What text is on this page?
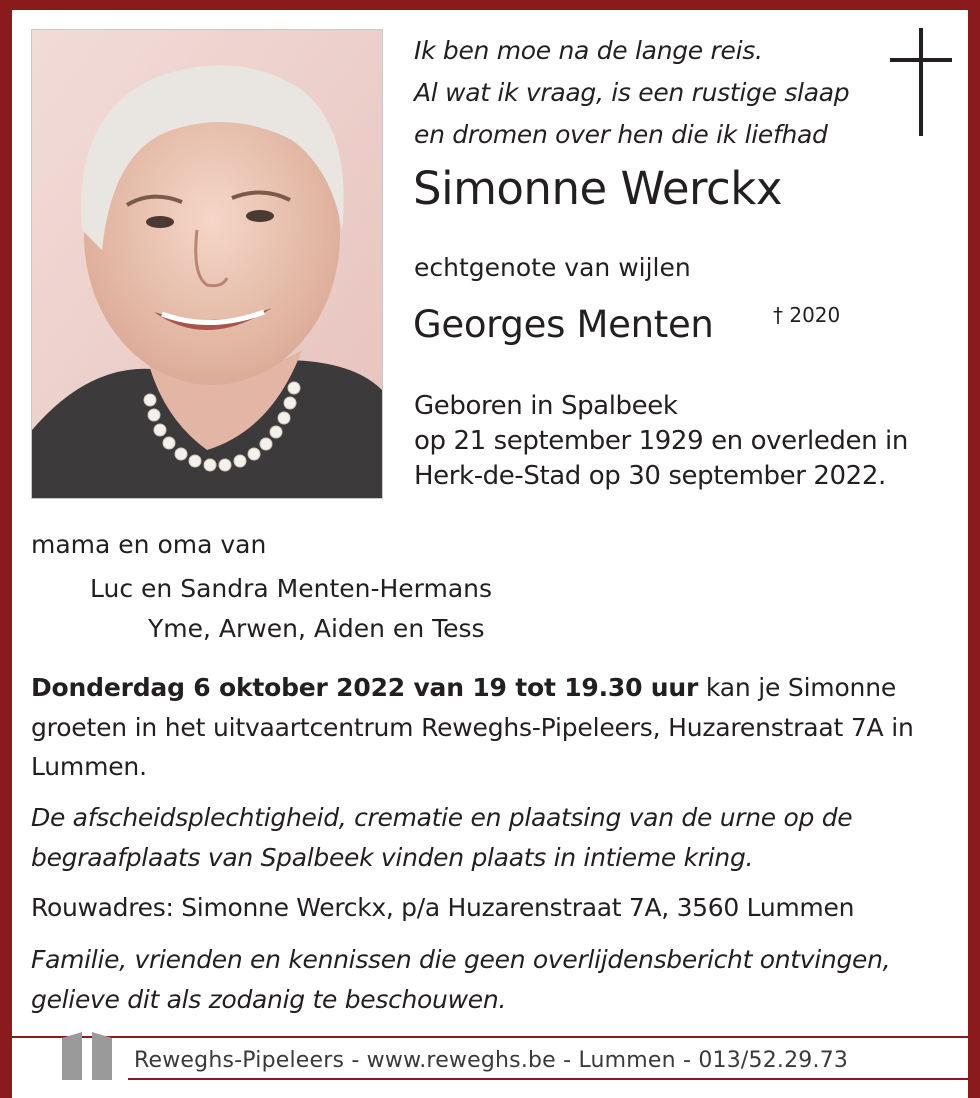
Ik ben moe na de lange reis.
Al wat ik vraag, is een rustige slaap
en dromen over hen die ik liefhad
Simonne Werckx
echtgenote van wijlen
Georges Menten	† 2020
Geboren in Spalbeek
op 21 september 1929 en overleden in
Herk-de-Stad op 30 september 2022.
mama en oma van
Luc en Sandra Menten-Hermans
Yme, Arwen, Aiden en Tess
Donderdag 6 oktober 2022 van 19 tot 19.30 uur kan je Simonne groeten in het uitvaartcentrum Reweghs-Pipeleers, Huzarenstraat 7A in Lummen.
De afscheidsplechtigheid, crematie en plaatsing van de urne op de begraafplaats van Spalbeek vinden plaats in intieme kring.
Rouwadres: Simonne Werckx, p/a Huzarenstraat 7A, 3560 Lummen
Familie, vrienden en kennissen die geen overlijdensbericht ontvingen, gelieve dit als zodanig te beschouwen.
Reweghs-Pipeleers - www.reweghs.be - Lummen - 013/52.29.73
